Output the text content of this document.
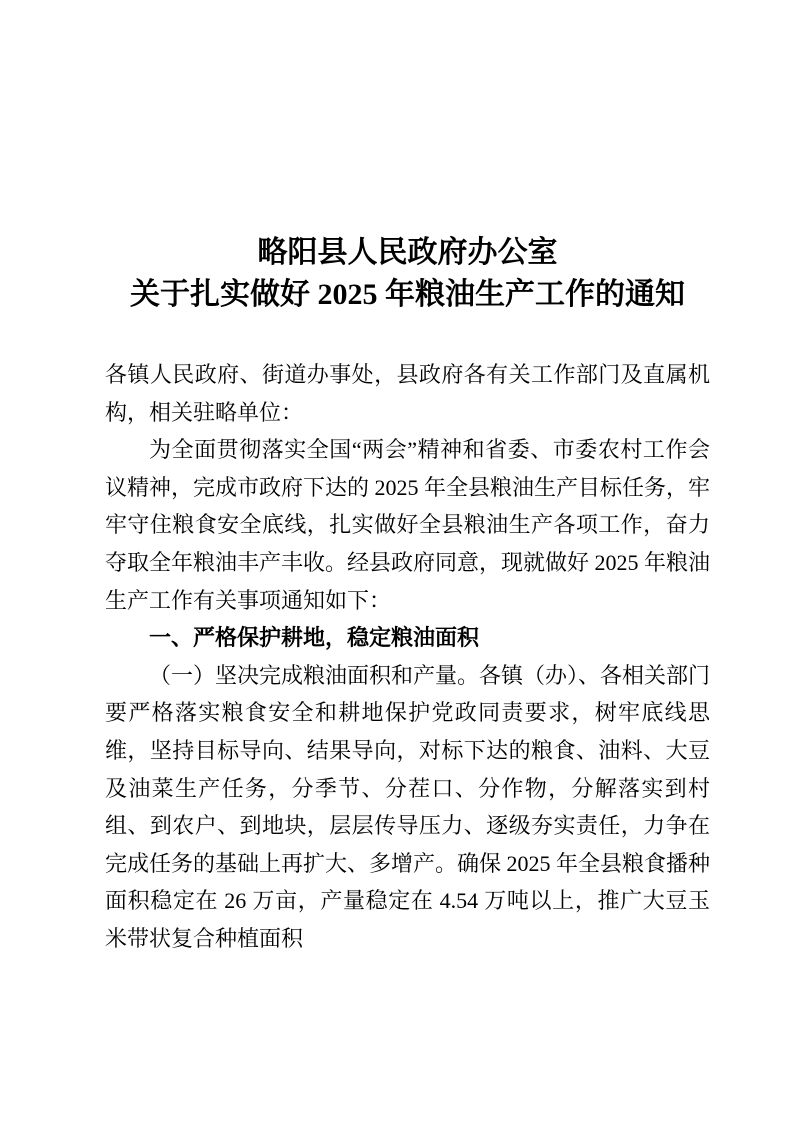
略阳县人民政府办公室
关于扎实做好 2025 年粮油生产工作的通知

各镇人民政府、街道办事处，县政府各有关工作部门及直属机构，相关驻略单位：

为全面贯彻落实全国“两会”精神和省委、市委农村工作会议精神，完成市政府下达的 2025 年全县粮油生产目标任务，牢牢守住粮食安全底线，扎实做好全县粮油生产各项工作，奋力夺取全年粮油丰产丰收。经县政府同意，现就做好 2025 年粮油生产工作有关事项通知如下：

一、严格保护耕地，稳定粮油面积

（一）坚决完成粮油面积和产量。各镇（办）、各相关部门要严格落实粮食安全和耕地保护党政同责要求，树牢底线思维，坚持目标导向、结果导向，对标下达的粮食、油料、大豆及油菜生产任务，分季节、分茬口、分作物，分解落实到村组、到农户、到地块，层层传导压力、逐级夯实责任，力争在完成任务的基础上再扩大、多增产。确保 2025 年全县粮食播种面积稳定在 26 万亩，产量稳定在 4.54 万吨以上，推广大豆玉米带状复合种植面积
